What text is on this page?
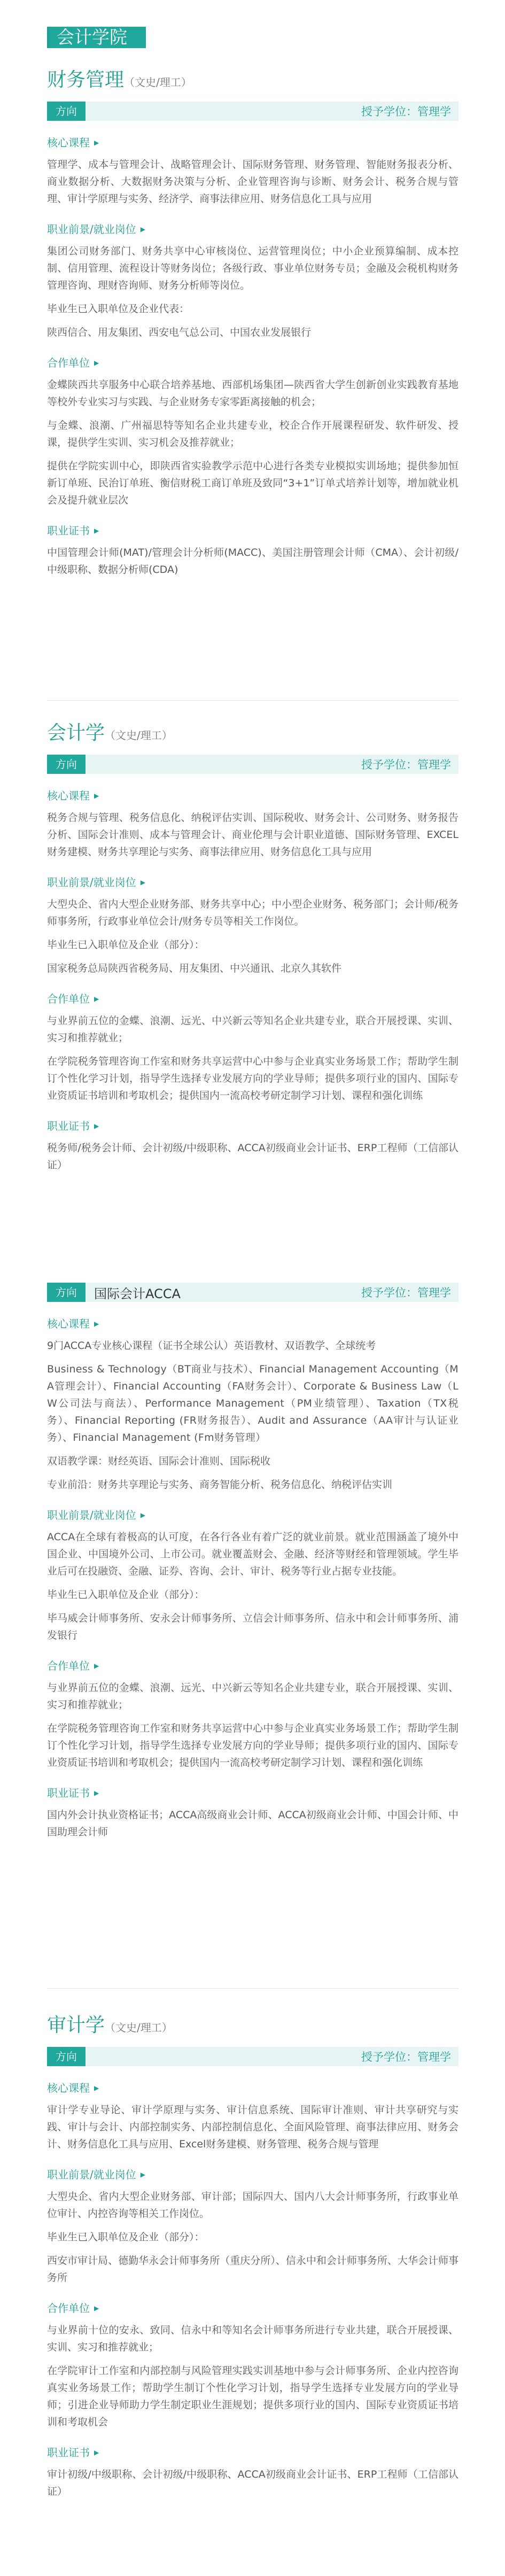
会计学院
财务管理（文史/理工）
方向	授予学位：管理学
核心课程 ▶

管理学、成本与管理会计、战略管理会计、国际财务管理、财务管理、智能财务报表分析、商业数据分析、大数据财务决策与分析、企业管理咨询与诊断、财务会计、税务合规与管理、审计学原理与实务、经济学、商事法律应用、财务信息化工具与应用

职业前景/就业岗位 ▶

集团公司财务部门、财务共享中心审核岗位、运营管理岗位；中小企业预算编制、成本控制、信用管理、流程设计等财务岗位；各级行政、事业单位财务专员；金融及会税机构财务管理咨询、理财咨询师、财务分析师等岗位。

毕业生已入职单位及企业代表：

陕西信合、用友集团、西安电气总公司、中国农业发展银行

合作单位 ▶

金蝶陕西共享服务中心联合培养基地、西部机场集团—陕西省大学生创新创业实践教育基地等校外专业实习与实践、与企业财务专家零距离接触的机会；

与金蝶、浪潮、广州福思特等知名企业共建专业，校企合作开展课程研发、软件研发、授课，提供学生实训、实习机会及推荐就业；

提供在学院实训中心，即陕西省实验教学示范中心进行各类专业模拟实训场地；提供参加恒新订单班、民治订单班、衡信财税工商订单班及致同“3+1”订单式培养计划等，增加就业机会及提升就业层次

职业证书 ▶

中国管理会计师(MAT)/管理会计分析师(MACC)、美国注册管理会计师（CMA）、会计初级/中级职称、数据分析师(CDA)

会计学（文史/理工）
方向	授予学位：管理学
核心课程 ▶

税务合规与管理、税务信息化、纳税评估实训、国际税收、财务会计、公司财务、财务报告分析、国际会计准则、成本与管理会计、商业伦理与会计职业道德、国际财务管理、EXCEL财务建模、财务共享理论与实务、商事法律应用、财务信息化工具与应用

职业前景/就业岗位 ▶

大型央企、省内大型企业财务部、财务共享中心；中小型企业财务、税务部门；会计师/税务师事务所，行政事业单位会计/财务专员等相关工作岗位。

毕业生已入职单位及企业（部分）：

国家税务总局陕西省税务局、用友集团、中兴通讯、北京久其软件

合作单位 ▶

与业界前五位的金蝶、浪潮、远光、中兴新云等知名企业共建专业，联合开展授课、实训、实习和推荐就业；

在学院税务管理咨询工作室和财务共享运营中心中参与企业真实业务场景工作；帮助学生制订个性化学习计划，指导学生选择专业发展方向的学业导师；提供多项行业的国内、国际专业资质证书培训和考取机会；提供国内一流高校考研定制学习计划、课程和强化训练

职业证书 ▶

税务师/税务会计师、会计初级/中级职称、ACCA初级商业会计证书、ERP工程师（工信部认证）

方向	国际会计ACCA	授予学位：管理学
核心课程 ▶

9门ACCA专业核心课程（证书全球公认）英语教材、双语教学、全球统考

Business & Technology（BT商业与技术）、Financial Management Accounting（MA管理会计）、Financial Accounting（FA财务会计）、Corporate & Business Law（LW公司法与商法）、Performance Management（PM业绩管理）、Taxation（TX税务）、Financial Reporting (FR财务报告）、Audit and Assurance（AA审计与认证业务）、Financial Management (Fm财务管理）

双语教学课：财经英语、国际会计准则、国际税收

专业前沿：财务共享理论与实务、商务智能分析、税务信息化、纳税评估实训

职业前景/就业岗位 ▶

ACCA在全球有着极高的认可度，在各行各业有着广泛的就业前景。就业范围涵盖了境外中国企业、中国境外公司、上市公司。就业覆盖财会、金融、经济等财经和管理领域。学生毕业后可在投融资、金融、证券、咨询、会计、审计、税务等行业占据专业技能。

毕业生已入职单位及企业（部分）：

毕马威会计师事务所、安永会计师事务所、立信会计师事务所、信永中和会计师事务所、浦发银行

合作单位 ▶

与业界前五位的金蝶、浪潮、远光、中兴新云等知名企业共建专业，联合开展授课、实训、实习和推荐就业；

在学院税务管理咨询工作室和财务共享运营中心中参与企业真实业务场景工作；帮助学生制订个性化学习计划，指导学生选择专业发展方向的学业导师；提供多项行业的国内、国际专业资质证书培训和考取机会；提供国内一流高校考研定制学习计划、课程和强化训练

职业证书 ▶

国内外会计执业资格证书；ACCA高级商业会计师、ACCA初级商业会计师、中国会计师、中国助理会计师

审计学（文史/理工）
方向	授予学位：管理学
核心课程 ▶

审计学专业导论、审计学原理与实务、审计信息系统、国际审计准则、审计共享研究与实践、审计与会计、内部控制实务、内部控制信息化、全面风险管理、商事法律应用、财务会计、财务信息化工具与应用、Excel财务建模、财务管理、税务合规与管理

职业前景/就业岗位 ▶

大型央企、省内大型企业财务部、审计部；国际四大、国内八大会计师事务所，行政事业单位审计、内控咨询等相关工作岗位。

毕业生已入职单位及企业（部分）：

西安市审计局、德勤华永会计师事务所（重庆分所）、信永中和会计师事务所、大华会计师事务所

合作单位 ▶

与业界前十位的安永、致同、信永中和等知名会计师事务所进行专业共建，联合开展授课、实训、实习和推荐就业；

在学院审计工作室和内部控制与风险管理实践实训基地中参与会计师事务所、企业内控咨询真实业务场景工作；帮助学生制订个性化学习计划，指导学生选择专业发展方向的学业导师；引进企业导师助力学生制定职业生涯规划；提供多项行业的国内、国际专业资质证书培训和考取机会

职业证书 ▶

审计初级/中级职称、会计初级/中级职称、ACCA初级商业会计证书、ERP工程师（工信部认证）
